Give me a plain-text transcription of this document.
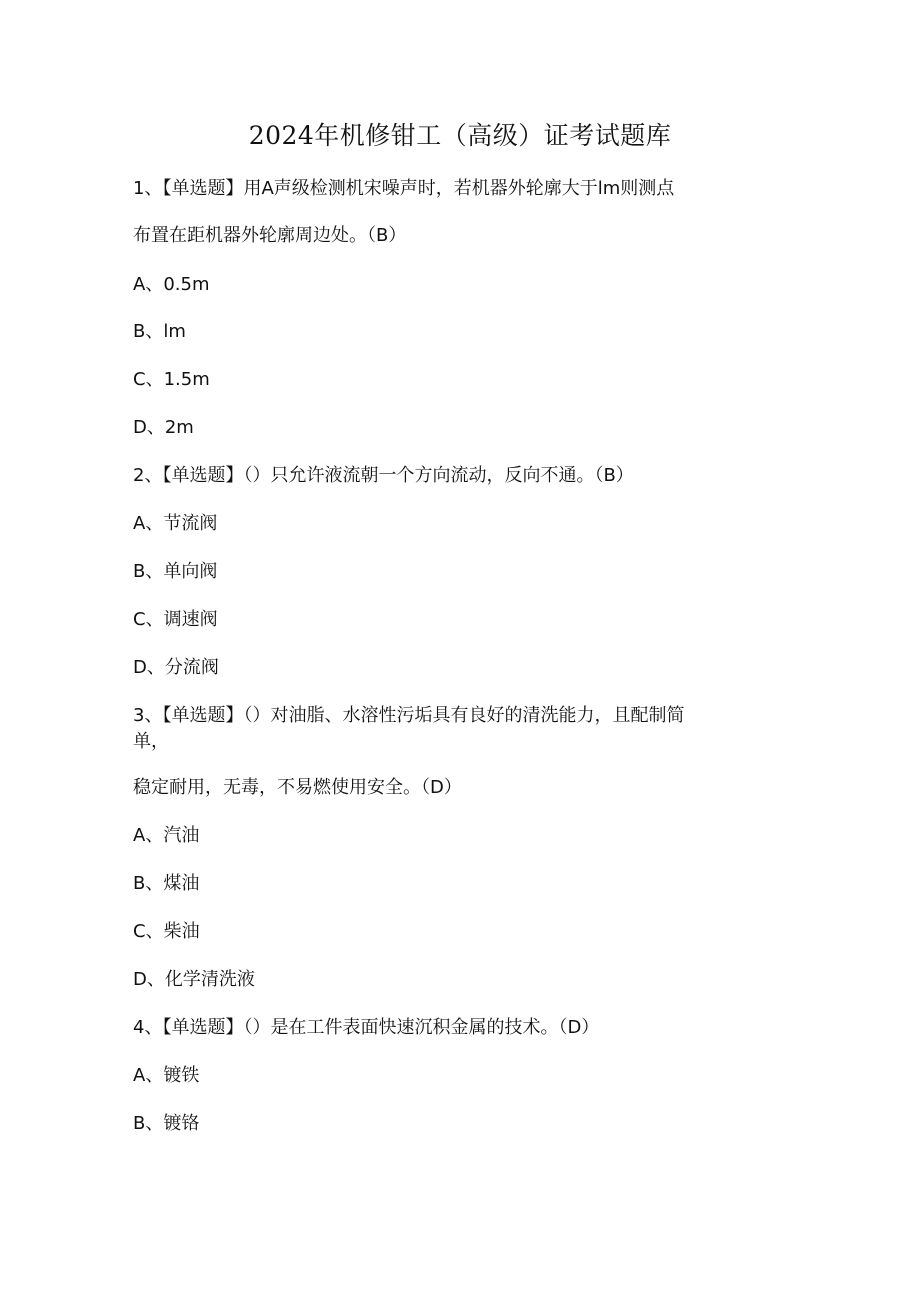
2024年机修钳工（高级）证考试题库
1、【单选题】用A声级检测机宋噪声时，若机器外轮廓大于lm则测点
布置在距机器外轮廓周边处。（B）
A、0.5m
B、lm
C、1.5m
D、2m
2、【单选题】（）只允许液流朝一个方向流动，反向不通。（B）
A、节流阀
B、单向阀
C、调速阀
D、分流阀
3、【单选题】（）对油脂、水溶性污垢具有良好的清洗能力，且配制简
单，
稳定耐用，无毒，不易燃使用安全。（D）
A、汽油
B、煤油
C、柴油
D、化学清洗液
4、【单选题】（）是在工件表面快速沉积金属的技术。（D）
A、镀铁
B、镀铬
